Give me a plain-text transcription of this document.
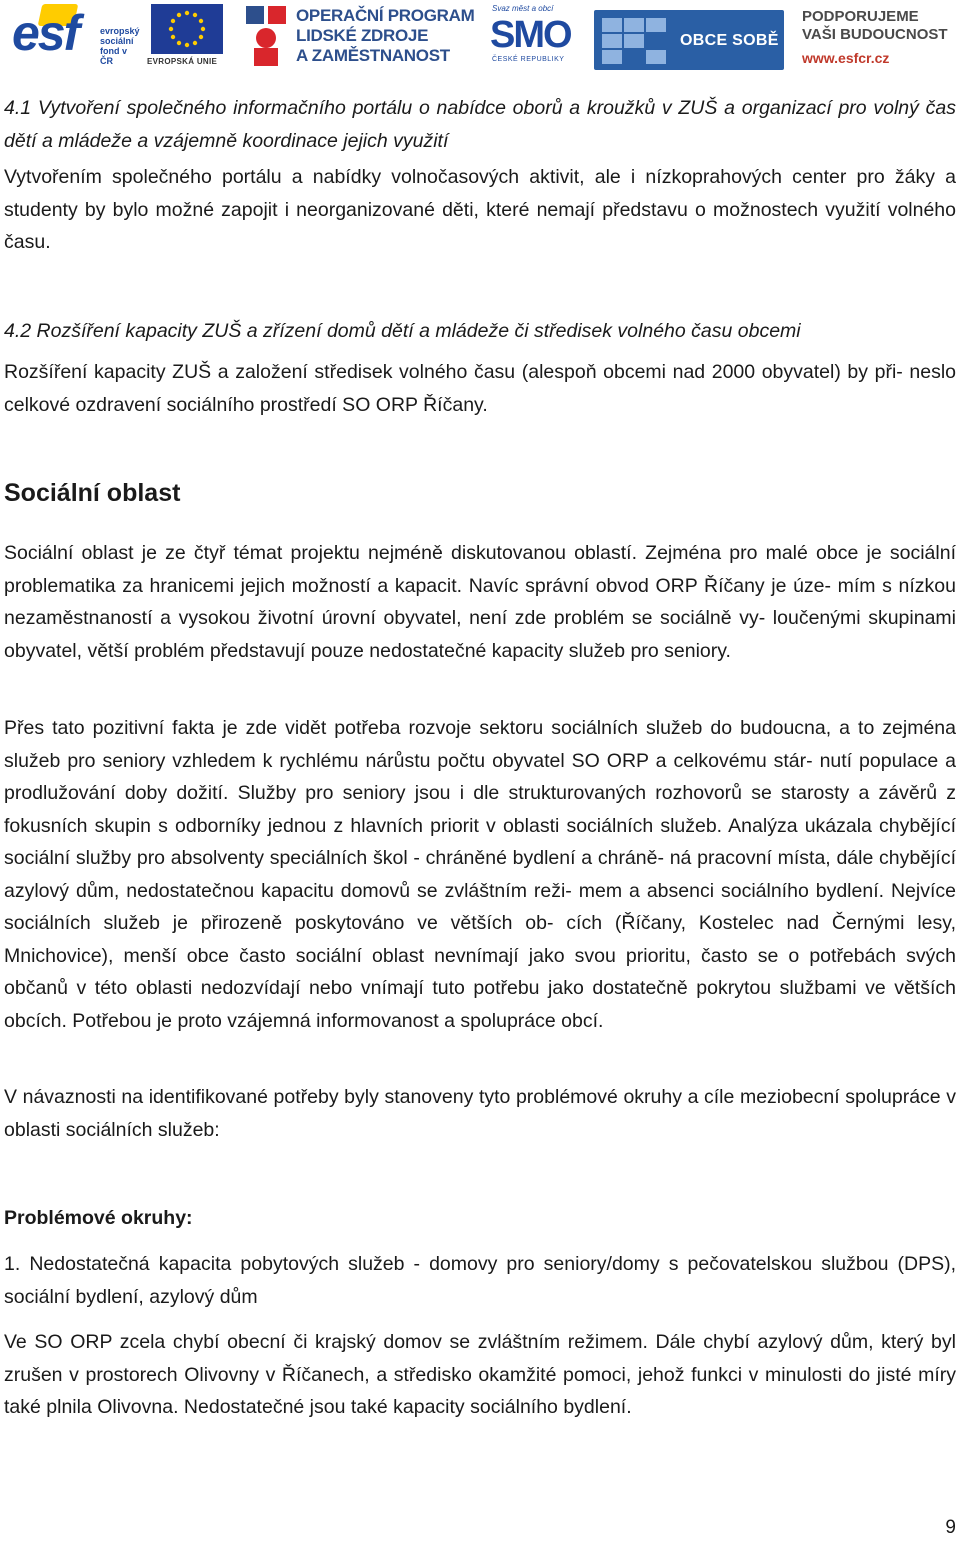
esf evropský
sociální
fond v ČR	EVROPSKÁ UNIE
OPERAČNÍ PROGRAM
LIDSKÉ ZDROJE
A ZAMĚSTNANOST
Svaz měst a obcí
SMO
ČESKÉ REPUBLIKY
OBCE SOBĚ
PODPORUJEME
VAŠI BUDOUCNOST
www.esfcr.cz
4.1 Vytvoření společného informačního portálu o nabídce oborů a kroužků v ZUŠ a organizací pro volný čas dětí a mládeže a vzájemně koordinace jejich využití
Vytvořením společného portálu a nabídky volnočasových aktivit, ale i nízkoprahových center pro žáky a studenty by bylo možné zapojit i neorganizované děti, které nemají představu o možnostech využití volného času.
4.2 Rozšíření kapacity ZUŠ a zřízení domů dětí a mládeže či středisek volného času obcemi
Rozšíření kapacity ZUŠ a založení středisek volného času (alespoň obcemi nad 2000 obyvatel) by při- neslo celkové ozdravení sociálního prostředí SO ORP Říčany.
Sociální oblast
Sociální oblast je ze čtyř témat projektu nejméně diskutovanou oblastí. Zejména pro malé obce je sociální problematika za hranicemi jejich možností a kapacit. Navíc správní obvod ORP Říčany je úze- mím s nízkou nezaměstnaností a vysokou životní úrovní obyvatel, není zde problém se sociálně vy- loučenými skupinami obyvatel, větší problém představují pouze nedostatečné kapacity služeb pro seniory.
Přes tato pozitivní fakta je zde vidět potřeba rozvoje sektoru sociálních služeb do budoucna, a to zejména služeb pro seniory vzhledem k rychlému nárůstu počtu obyvatel SO ORP a celkovému stár- nutí populace a prodlužování doby dožití. Služby pro seniory jsou i dle strukturovaných rozhovorů se starosty a závěrů z fokusních skupin s odborníky jednou z hlavních priorit v oblasti sociálních služeb. Analýza ukázala chybějící sociální služby pro absolventy speciálních škol - chráněné bydlení a chráně- ná pracovní místa, dále chybějící azylový dům, nedostatečnou kapacitu domovů se zvláštním reži- mem a absenci sociálního bydlení. Nejvíce sociálních služeb je přirozeně poskytováno ve větších ob- cích (Říčany, Kostelec nad Černými lesy, Mnichovice), menší obce často sociální oblast nevnímají jako svou prioritu, často se o potřebách svých občanů v této oblasti nedozvídají nebo vnímají tuto potřebu jako dostatečně pokrytou službami ve větších obcích. Potřebou je proto vzájemná informovanost a spolupráce obcí.
V návaznosti na identifikované potřeby byly stanoveny tyto problémové okruhy a cíle meziobecní spolupráce v oblasti sociálních služeb:
Problémové okruhy:
1. Nedostatečná kapacita pobytových služeb - domovy pro seniory/domy s pečovatelskou službou (DPS), sociální bydlení, azylový dům
Ve SO ORP zcela chybí obecní či krajský domov se zvláštním režimem. Dále chybí azylový dům, který byl zrušen v prostorech Olivovny v Říčanech, a středisko okamžité pomoci, jehož funkci v minulosti do jisté míry také plnila Olivovna. Nedostatečné jsou také kapacity sociálního bydlení.
9
